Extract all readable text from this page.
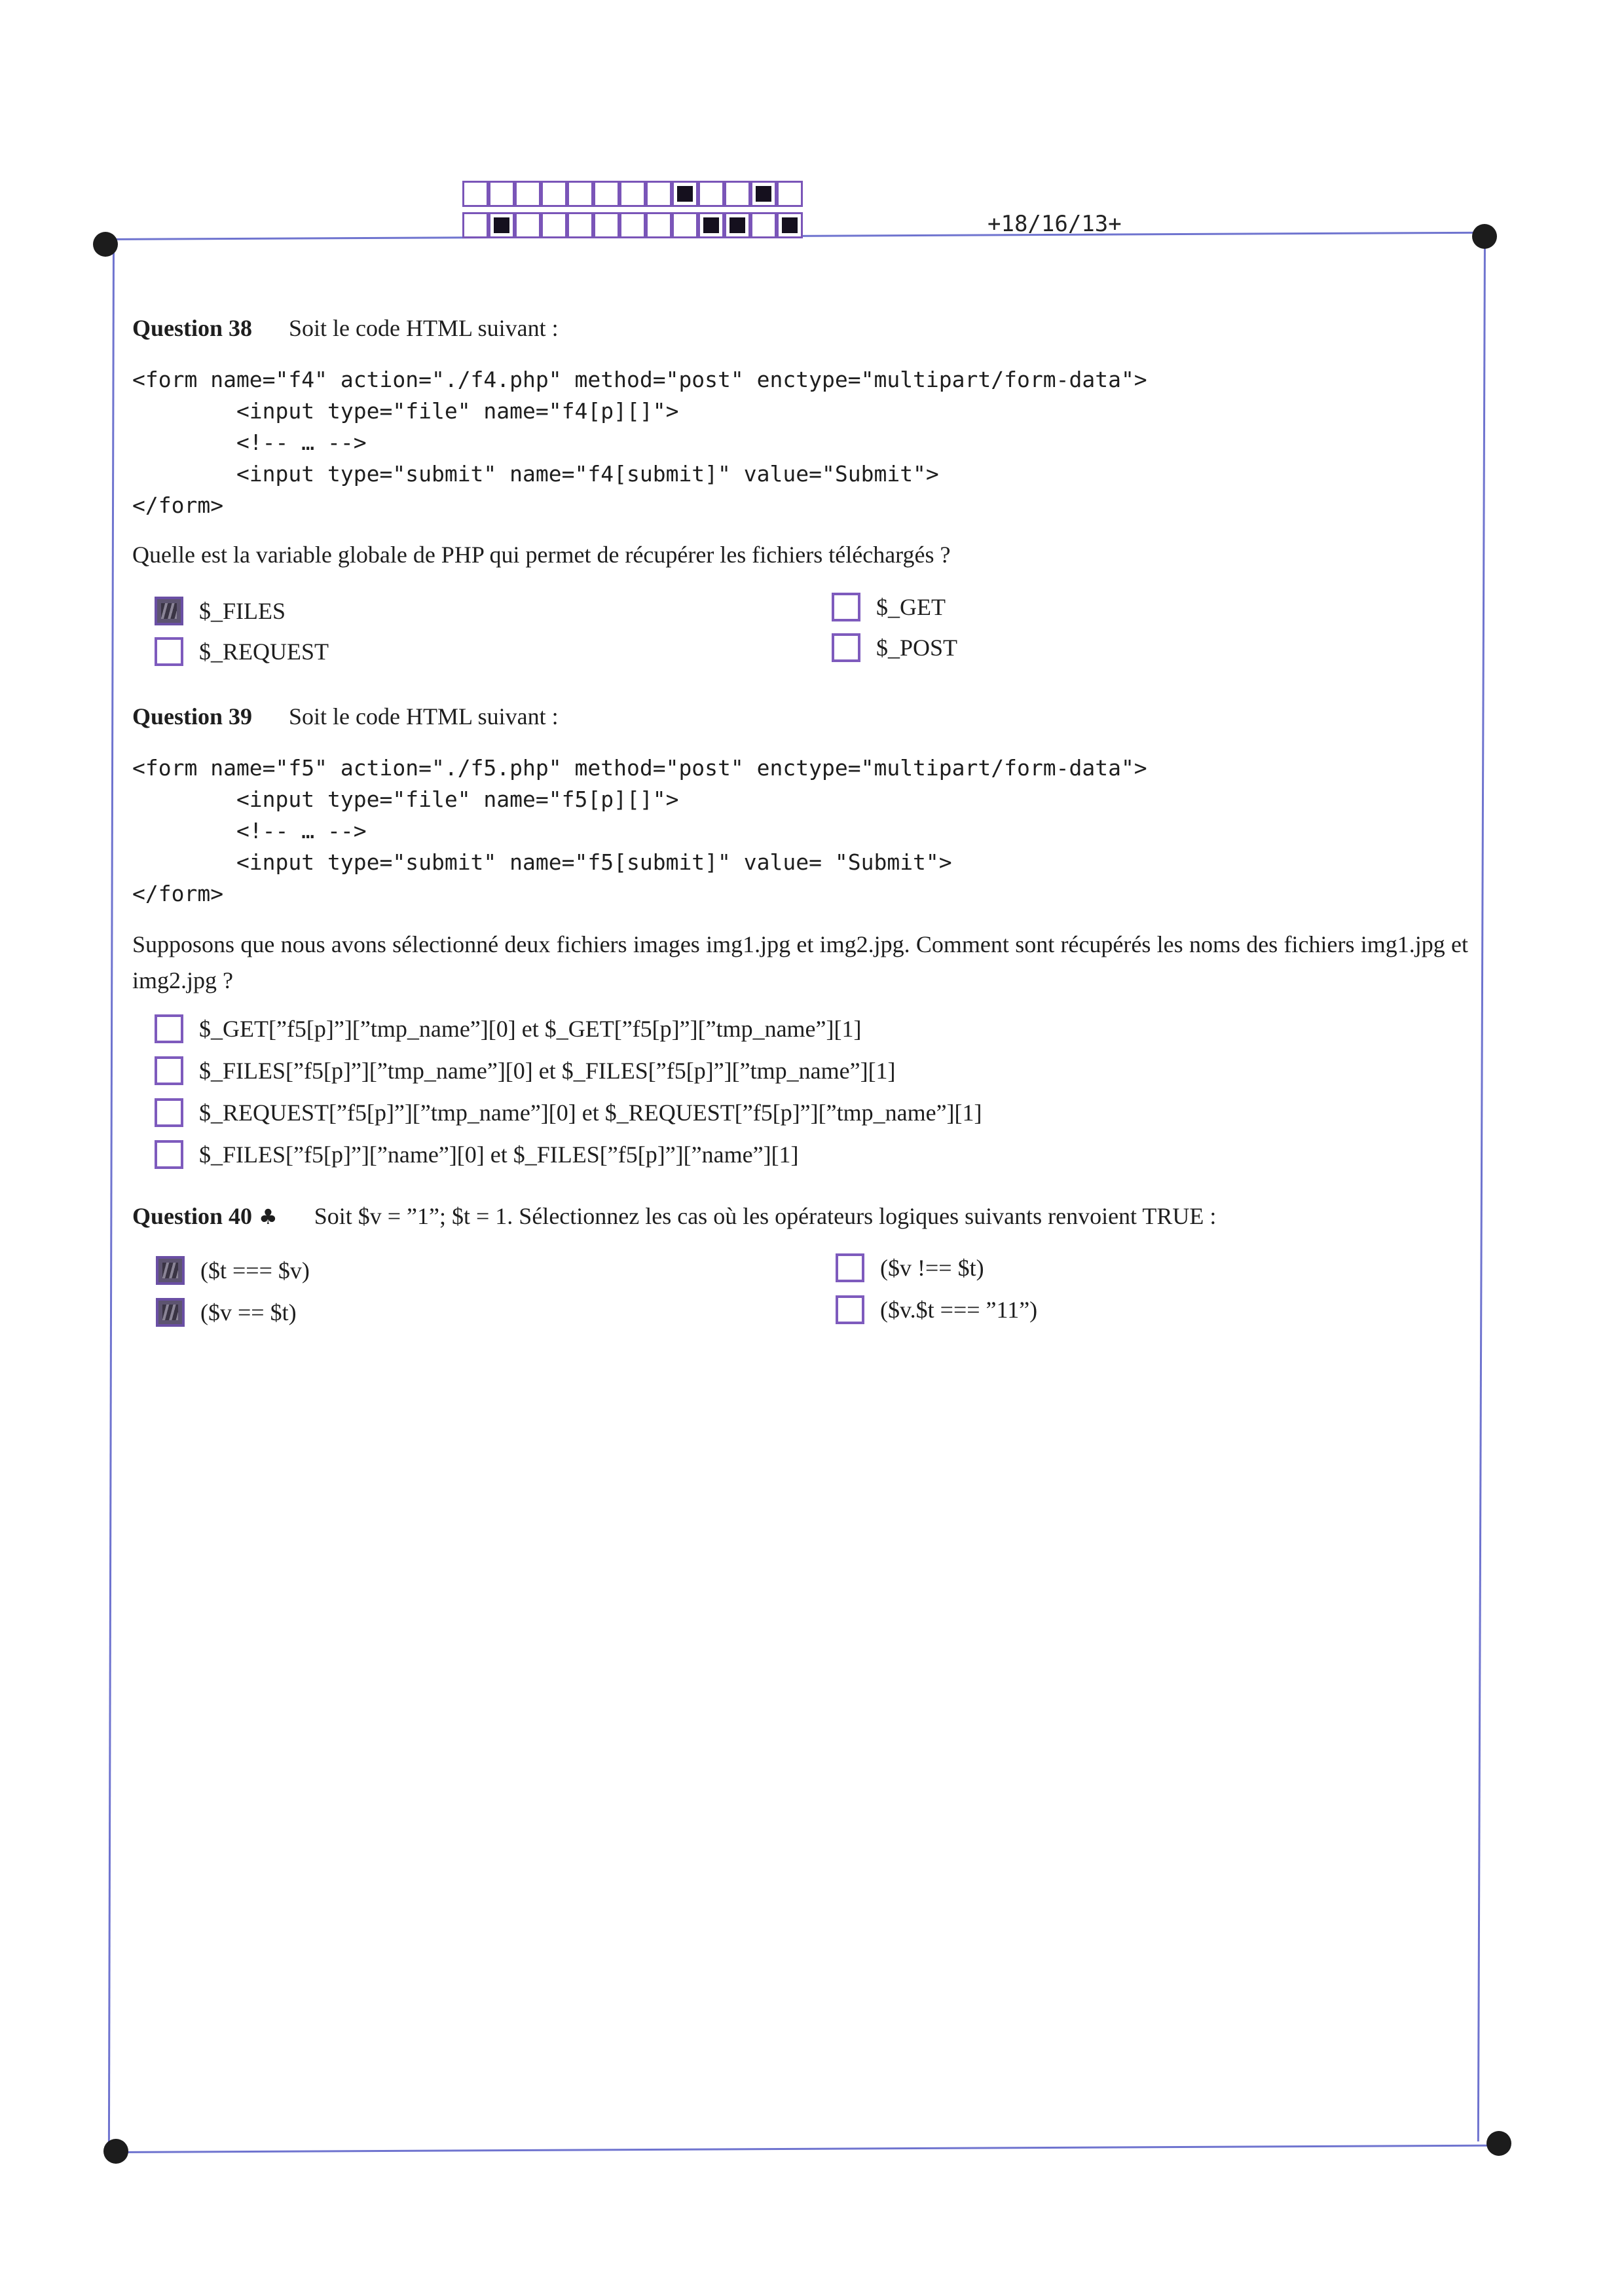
+18/16/13+
Question 38 Soit le code HTML suivant :
<form name="f4" action="./f4.php" method="post" enctype="multipart/form-data">
<input type="file" name="f4[p][]">
<!-- … -->
<input type="submit" name="f4[submit]" value="Submit">
</form>
Quelle est la variable globale de PHP qui permet de récupérer les fichiers téléchargés ?
$_FILES	$_GET
$_REQUEST	$_POST
Question 39 Soit le code HTML suivant :
<form name="f5" action="./f5.php" method="post" enctype="multipart/form-data">
<input type="file" name="f5[p][]">
<!-- … -->
<input type="submit" name="f5[submit]" value= "Submit">
</form>
Supposons que nous avons sélectionné deux fichiers images img1.jpg et img2.jpg. Comment sont récupérés les noms des fichiers img1.jpg et img2.jpg ?
$_GET[”f5[p]”][”tmp_name”][0] et $_GET[”f5[p]”][”tmp_name”][1]
$_FILES[”f5[p]”][”tmp_name”][0] et $_FILES[”f5[p]”][”tmp_name”][1]
$_REQUEST[”f5[p]”][”tmp_name”][0] et $_REQUEST[”f5[p]”][”tmp_name”][1]
$_FILES[”f5[p]”][”name”][0] et $_FILES[”f5[p]”][”name”][1]
Question 40 ♣ Soit $v = ”1”; $t = 1. Sélectionnez les cas où les opérateurs logiques suivants renvoient TRUE :
($t === $v)	($v !== $t)
($v == $t)	($v.$t === ”11”)
